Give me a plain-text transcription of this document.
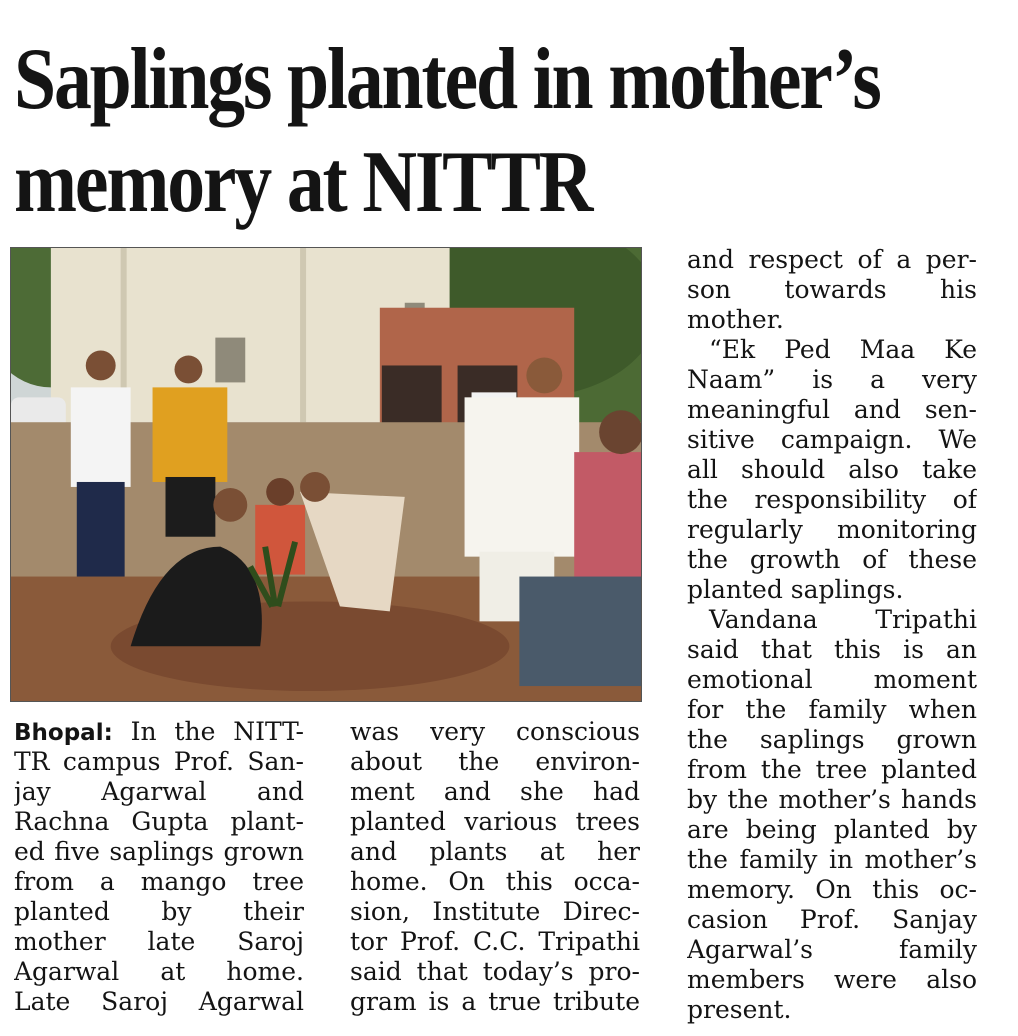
Saplings planted in mother’s
memory at NITTR
Bhopal: In the NITT-
TR campus Prof. San-
jay Agarwal and
Rachna Gupta plant-
ed five saplings grown
from a mango tree
planted by their
mother late Saroj
Agarwal at home.
Late Saroj Agarwal
was very conscious
about the environ-
ment and she had
planted various trees
and plants at her
home. On this occa-
sion, Institute Direc-
tor Prof. C.C. Tripathi
said that today’s pro-
gram is a true tribute
and respect of a per-
son towards his
mother.
“Ek Ped Maa Ke
Naam” is a very
meaningful and sen-
sitive campaign. We
all should also take
the responsibility of
regularly monitoring
the growth of these
planted saplings.
Vandana Tripathi
said that this is an
emotional moment
for the family when
the saplings grown
from the tree planted
by the mother’s hands
are being planted by
the family in mother’s
memory. On this oc-
casion Prof. Sanjay
Agarwal’s family
members were also
present.
